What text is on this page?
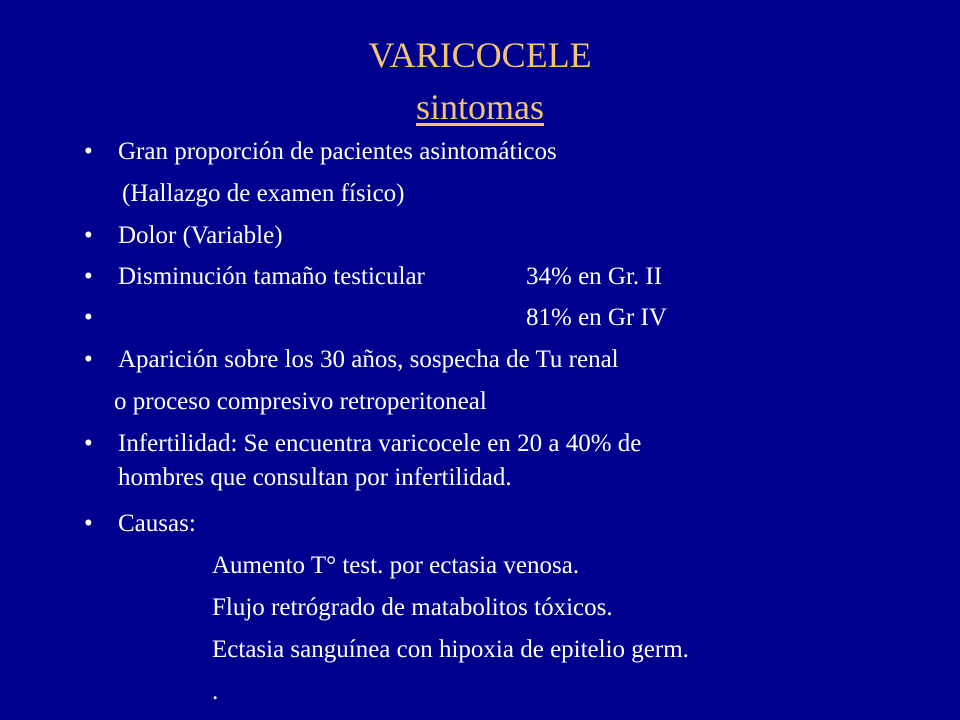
VARICOCELE
sintomas
• Gran proporción de pacientes asintomáticos
(Hallazgo de examen físico)
• Dolor (Variable)
• Disminución tamaño testicular	34% en Gr. II
•	81% en Gr IV
• Aparición sobre los 30 años, sospecha de Tu renal
o proceso compresivo retroperitoneal
• Infertilidad: Se encuentra varicocele en 20 a 40% de
hombres que consultan por infertilidad.
• Causas:
Aumento T° test. por ectasia venosa.
Flujo retrógrado de matabolitos tóxicos.
Ectasia sanguínea con hipoxia de epitelio germ.
.
